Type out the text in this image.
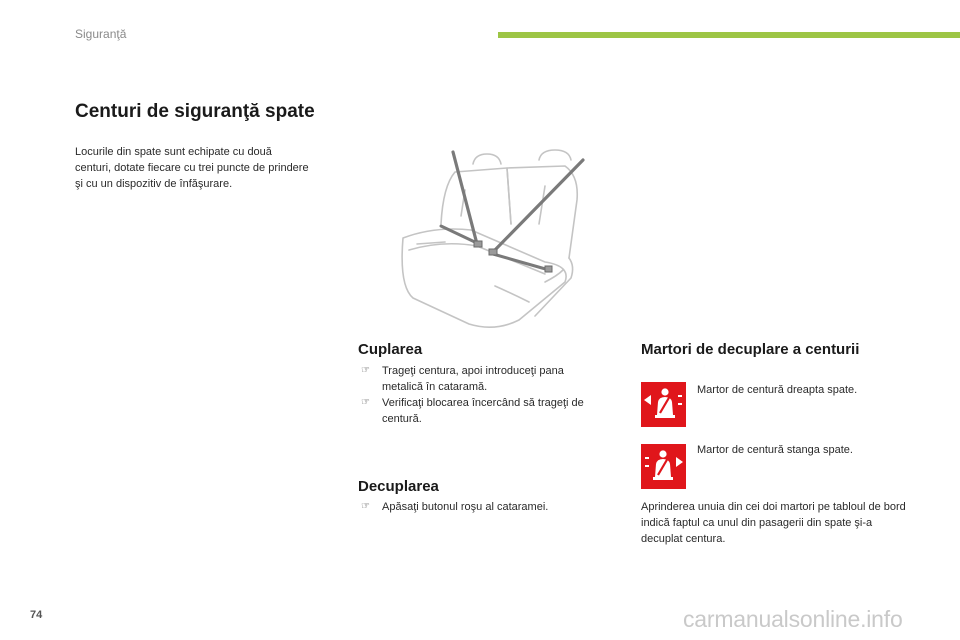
Siguranţă
Centuri de siguranţă spate

Locurile din spate sunt echipate cu două centuri, dotate fiecare cu trei puncte de prindere şi cu un dispozitiv de înfăşurare.

Cuplarea
☞ Trageţi centura, apoi introduceţi pana metalică în cataramă.
☞ Verificaţi blocarea încercând să trageţi de centură.
Decuplarea
☞ Apăsaţi butonul roşu al cataramei.
Martori de decuplare a centurii
Martor de centură dreapta spate.
Martor de centură stanga spate.

Aprinderea unuia din cei doi martori pe tabloul de bord indică faptul ca unul din pasagerii din spate şi-a decuplat centura.

74	carmanualsonline.info
